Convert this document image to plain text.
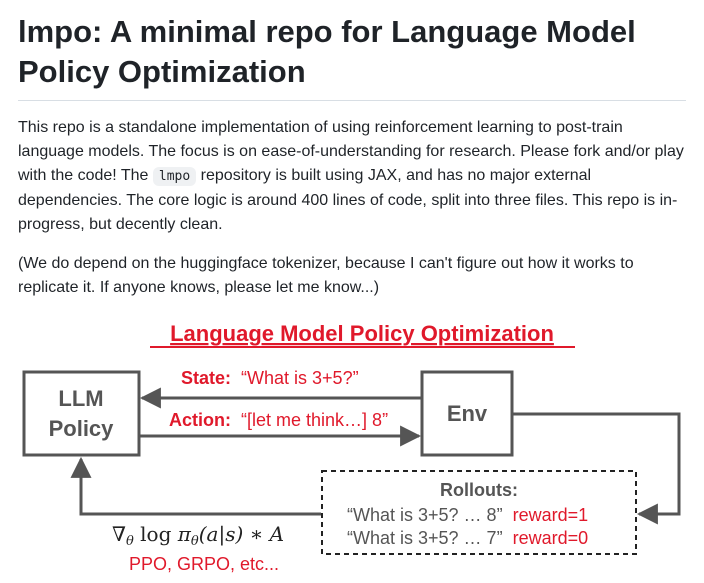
lmpo: A minimal repo for Language Model Policy Optimization

This repo is a standalone implementation of using reinforcement learning to post-train language models. The focus is on ease-of-understanding for research. Please fork and/or play with the code! The lmpo repository is built using JAX, and has no major external dependencies. The core logic is around 400 lines of code, split into three files. This repo is in-progress, but decently clean.

(We do depend on the huggingface tokenizer, because I can't figure out how it works to replicate it. If anyone knows, please let me know...)

Language Model Policy Optimization
LLM
Policy
Env
State: “What is 3+5?”
Action: “[let me think…] 8”
Rollouts:
“What is 3+5? … 8” reward=1
“What is 3+5? … 7” reward=0
$\nabla_\theta$ $\log \pi_\theta(a|s)$ ∗ A
PPO, GRPO, etc...
